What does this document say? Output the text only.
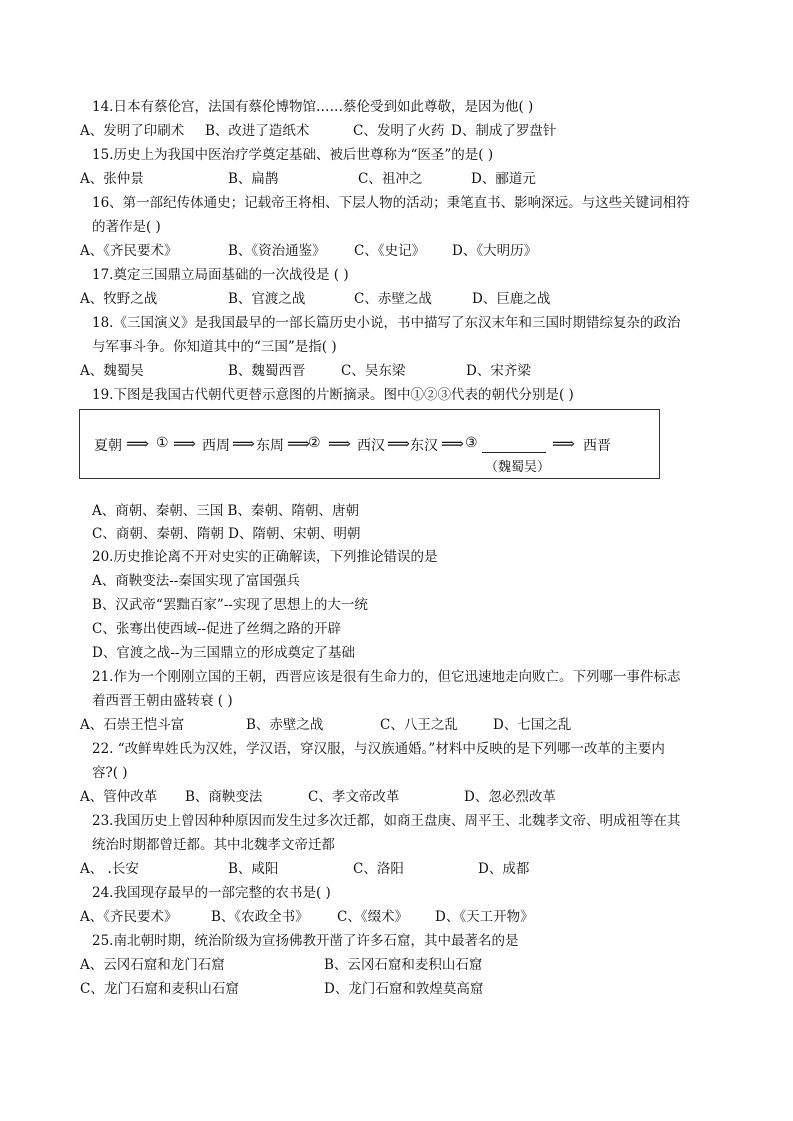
14.日本有蔡伦宫，法国有蔡伦博物馆……蔡伦受到如此尊敬，是因为他( )
A、发明了印刷术	B、改进了造纸术	C、发明了火药 D、制成了罗盘针
15.历史上为我国中医治疗学奠定基础、被后世尊称为“医圣”的是( )
A、张仲景	B、扁鹊	C、祖冲之	D、郦道元
16、第一部纪传体通史；记载帝王将相、下层人物的活动；秉笔直书、影响深远。与这些关键词相符
的著作是( )
A、《齐民要术》	B、《资治通鉴》	C、《史记》	D、《大明历》
17.奠定三国鼎立局面基础的一次战役是 ( )
A、牧野之战	B、官渡之战	C、赤壁之战	D、巨鹿之战
18.《三国演义》是我国最早的一部长篇历史小说，书中描写了东汉末年和三国时期错综复杂的政治
与军事斗争。你知道其中的“三国”是指( )
A、魏蜀吴	B、魏蜀西晋	C、吴东梁	D、宋齐梁
19.下图是我国古代朝代更替示意图的片断摘录。图中①②③代表的朝代分别是( )
夏朝 ⟹ ① ⟹ 西周 ⟹ 东周 ⟹
② ⟹ 西汉 ⟹ 东汉 ⟹ ③
（魏蜀吴）
⟹ 西晋
A、商朝、秦朝、三国 B、秦朝、隋朝、唐朝
C、商朝、秦朝、隋朝 D、隋朝、宋朝、明朝
20.历史推论离不开对史实的正确解读，下列推论错误的是
A、商鞅变法--秦国实现了富国强兵
B、汉武帝“罢黜百家”--实现了思想上的大一统
C、张骞出使西域--促进了丝绸之路的开辟
D、官渡之战--为三国鼎立的形成奠定了基础
21.作为一个刚刚立国的王朝，西晋应该是很有生命力的，但它迅速地走向败亡。下列哪一事件标志
着西晋王朝由盛转衰 ( )
A、石崇王恺斗富	B、赤壁之战	C、八王之乱	D、七国之乱
22. “改鲜卑姓氏为汉姓，学汉语，穿汉服，与汉族通婚。”材料中反映的是下列哪一改革的主要内
容?( )
A、管仲改革	B、商鞅变法	C、孝文帝改革	D、忽必烈改革
23.我国历史上曾因种种原因而发生过多次迁都，如商王盘庚、周平王、北魏孝文帝、明成祖等在其
统治时期都曾迁都。其中北魏孝文帝迁都
A、 .长安	B、咸阳	C、洛阳	D、成都
24.我国现存最早的一部完整的农书是( )
A、《齐民要术》	B、《农政全书》	C、《缀术》	D、《天工开物》
25.南北朝时期，统治阶级为宣扬佛教开凿了许多石窟，其中最著名的是
A、云冈石窟和龙门石窟	B、云冈石窟和麦积山石窟
C、龙门石窟和麦积山石窟	D、龙门石窟和敦煌莫高窟
